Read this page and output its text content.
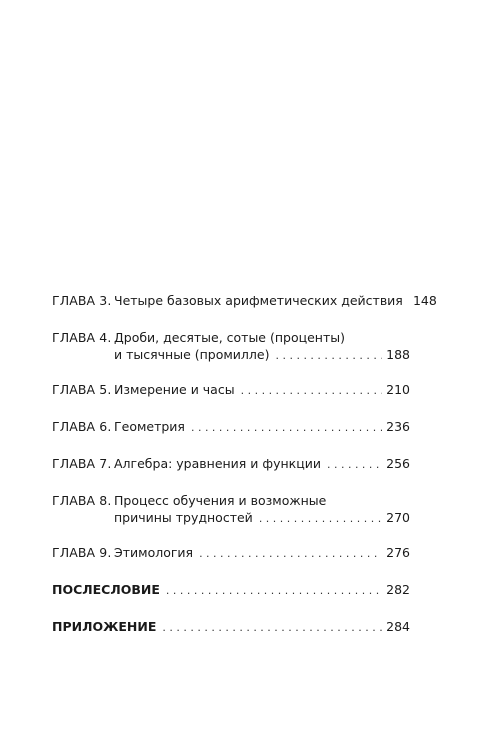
ГЛАВА 3. Четыре базовых арифметических действия 148
ГЛАВА 4. Дроби, десятые, сотые (проценты)
и тысячные (промилле) . . .	188
ГЛАВА 5. Измерение и часы . . .	210
ГЛАВА 6. Геометрия . . .	236
ГЛАВА 7. Алгебра: уравнения и функции . . .	256
ГЛАВА 8. Процесс обучения и возможные
причины трудностей . . .	270
ГЛАВА 9. Этимология . . .	276
ПОСЛЕСЛОВИЕ . . .	282
ПРИЛОЖЕНИЕ . . .	284
